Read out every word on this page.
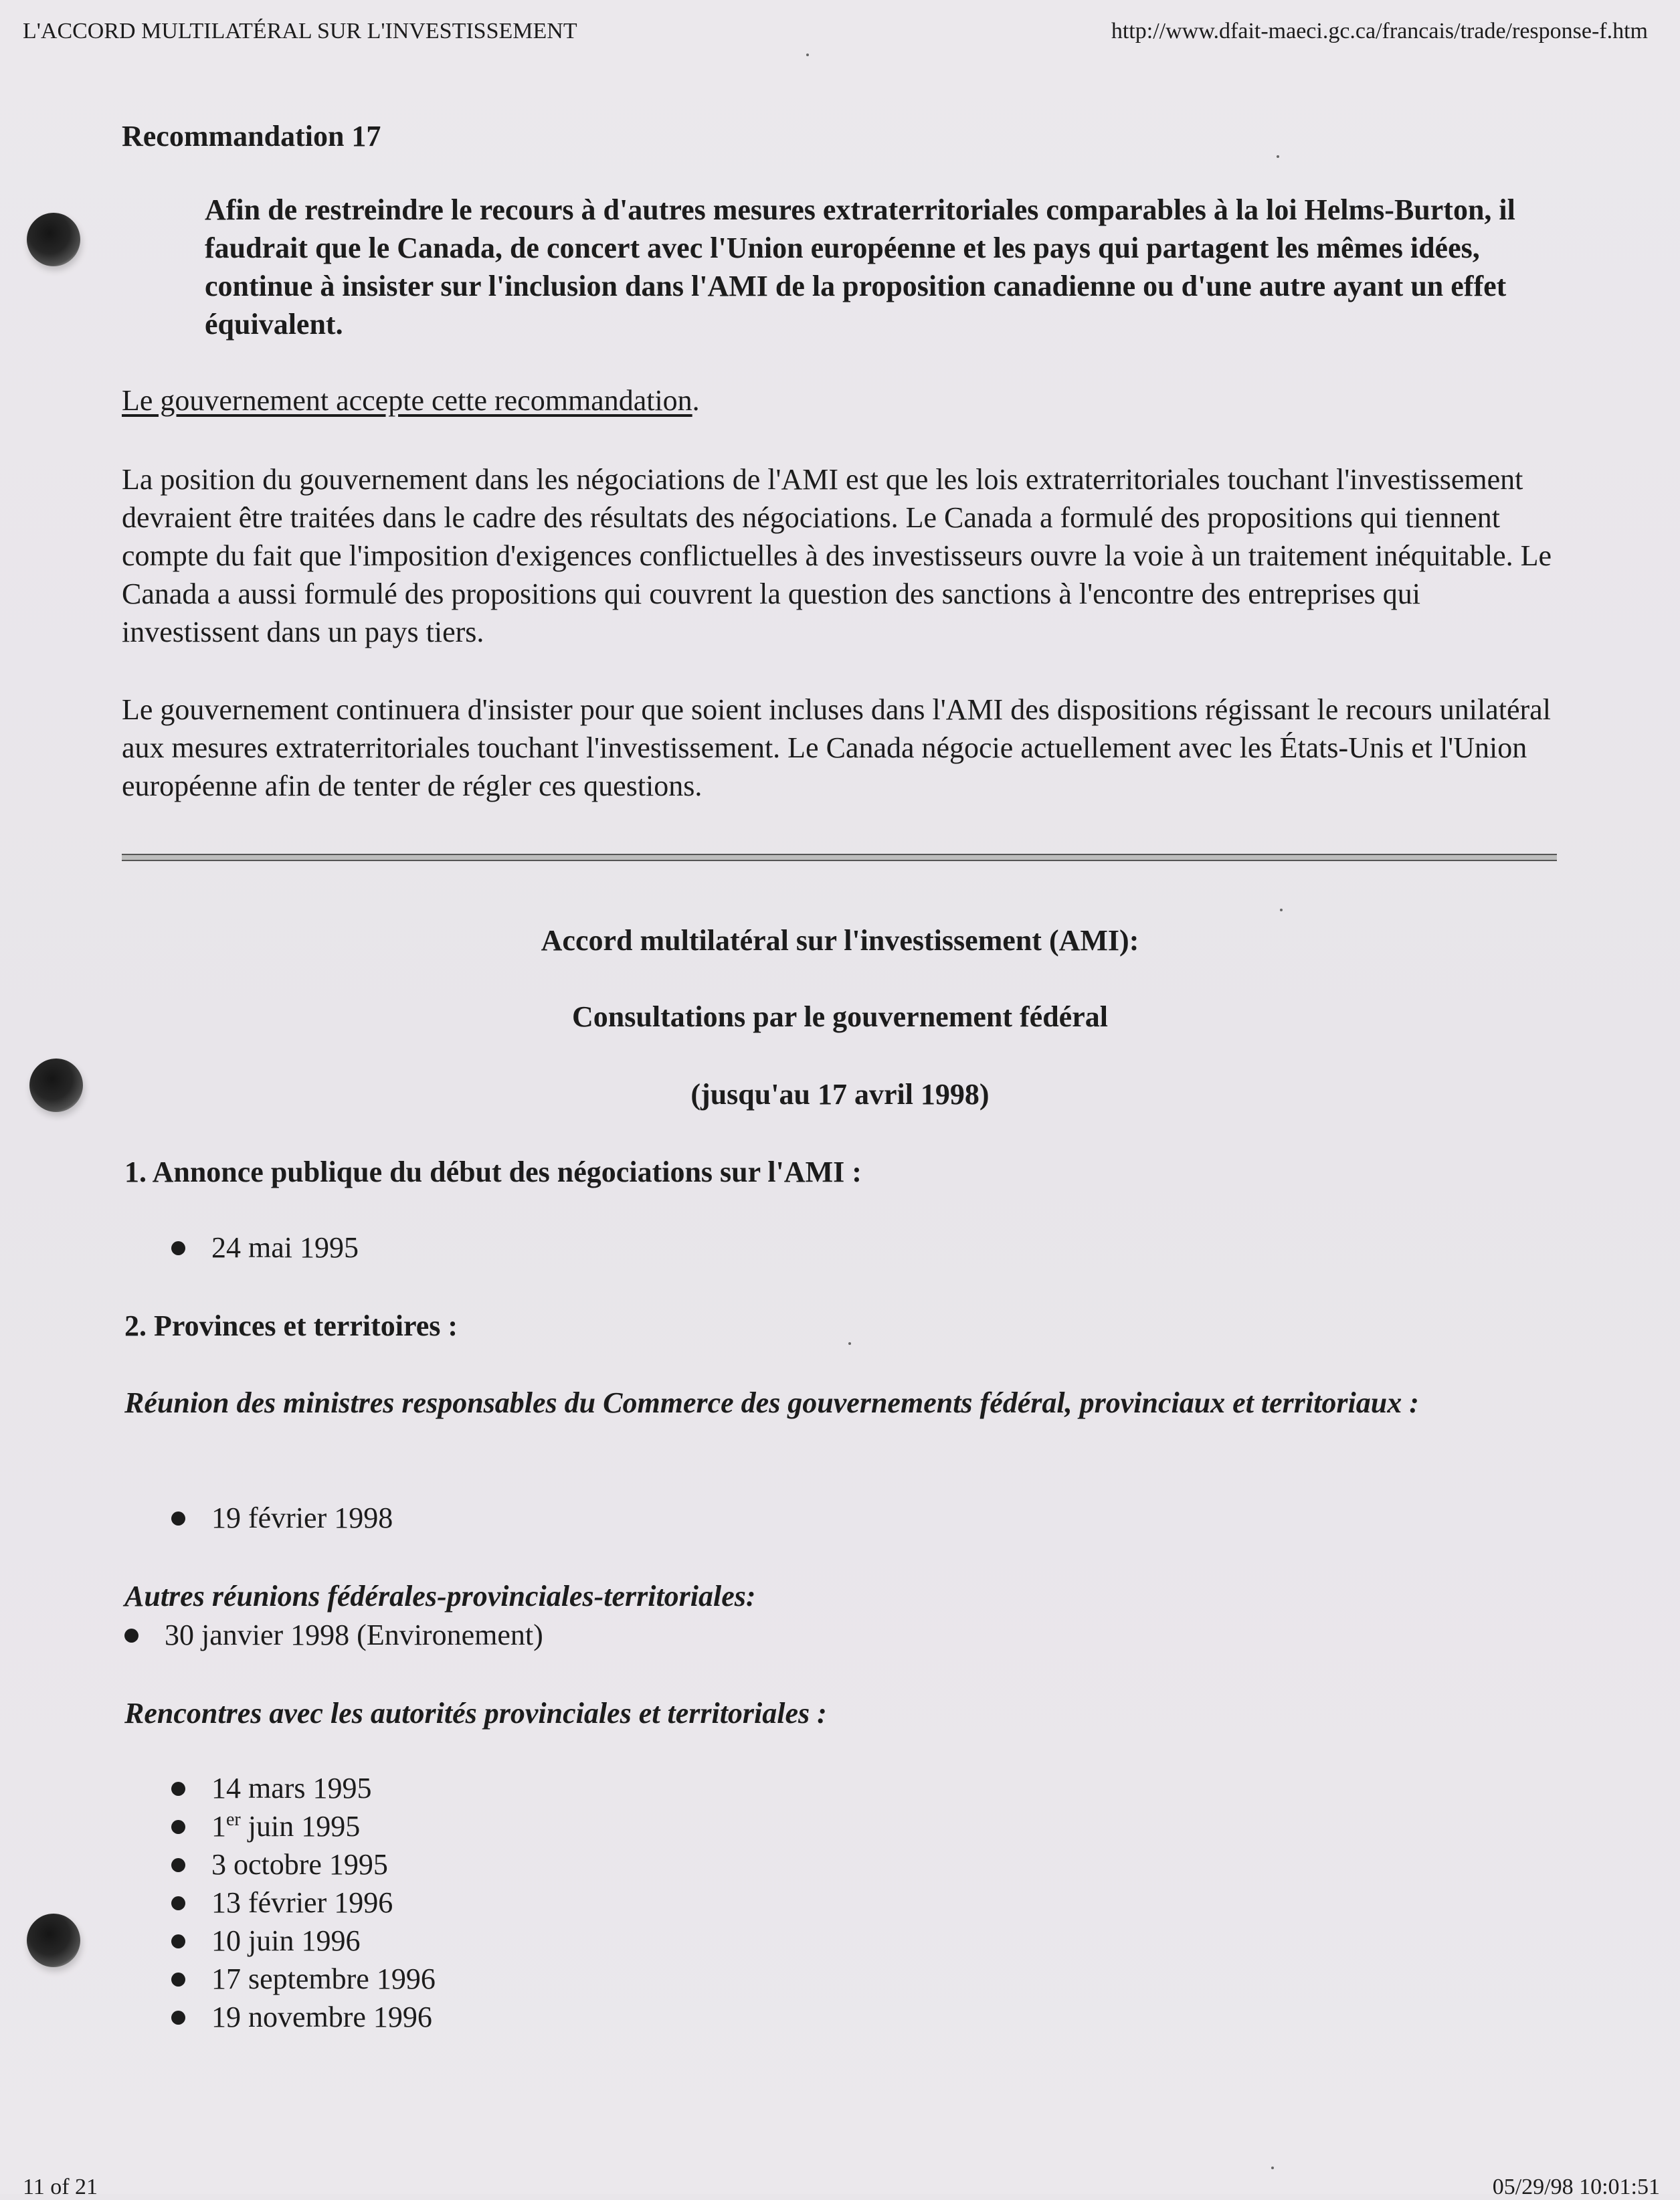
L'ACCORD MULTILATÉRAL SUR L'INVESTISSEMENT	http://www.dfait-maeci.gc.ca/francais/trade/response-f.htm
Recommandation 17
Afin de restreindre le recours à d'autres mesures extraterritoriales comparables à la loi Helms-Burton, il faudrait que le Canada, de concert avec l'Union européenne et les pays qui partagent les mêmes idées, continue à insister sur l'inclusion dans l'AMI de la proposition canadienne ou d'une autre ayant un effet équivalent.
Le gouvernement accepte cette recommandation.
La position du gouvernement dans les négociations de l'AMI est que les lois extraterritoriales touchant l'investissement devraient être traitées dans le cadre des résultats des négociations. Le Canada a formulé des propositions qui tiennent compte du fait que l'imposition d'exigences conflictuelles à des investisseurs ouvre la voie à un traitement inéquitable. Le Canada a aussi formulé des propositions qui couvrent la question des sanctions à l'encontre des entreprises qui investissent dans un pays tiers.
Le gouvernement continuera d'insister pour que soient incluses dans l'AMI des dispositions régissant le recours unilatéral aux mesures extraterritoriales touchant l'investissement. Le Canada négocie actuellement avec les États-Unis et l'Union européenne afin de tenter de régler ces questions.
Accord multilatéral sur l'investissement (AMI):
Consultations par le gouvernement fédéral
(jusqu'au 17 avril 1998)
1. Annonce publique du début des négociations sur l'AMI :
24 mai 1995
2. Provinces et territoires :
Réunion des ministres responsables du Commerce des gouvernements fédéral, provinciaux et territoriaux :
19 février 1998
Autres réunions fédérales-provinciales-territoriales:
30 janvier 1998 (Environement)
Rencontres avec les autorités provinciales et territoriales :
14 mars 1995
1er juin 1995
3 octobre 1995
13 février 1996
10 juin 1996
17 septembre 1996
19 novembre 1996
11 of 21	05/29/98 10:01:51
